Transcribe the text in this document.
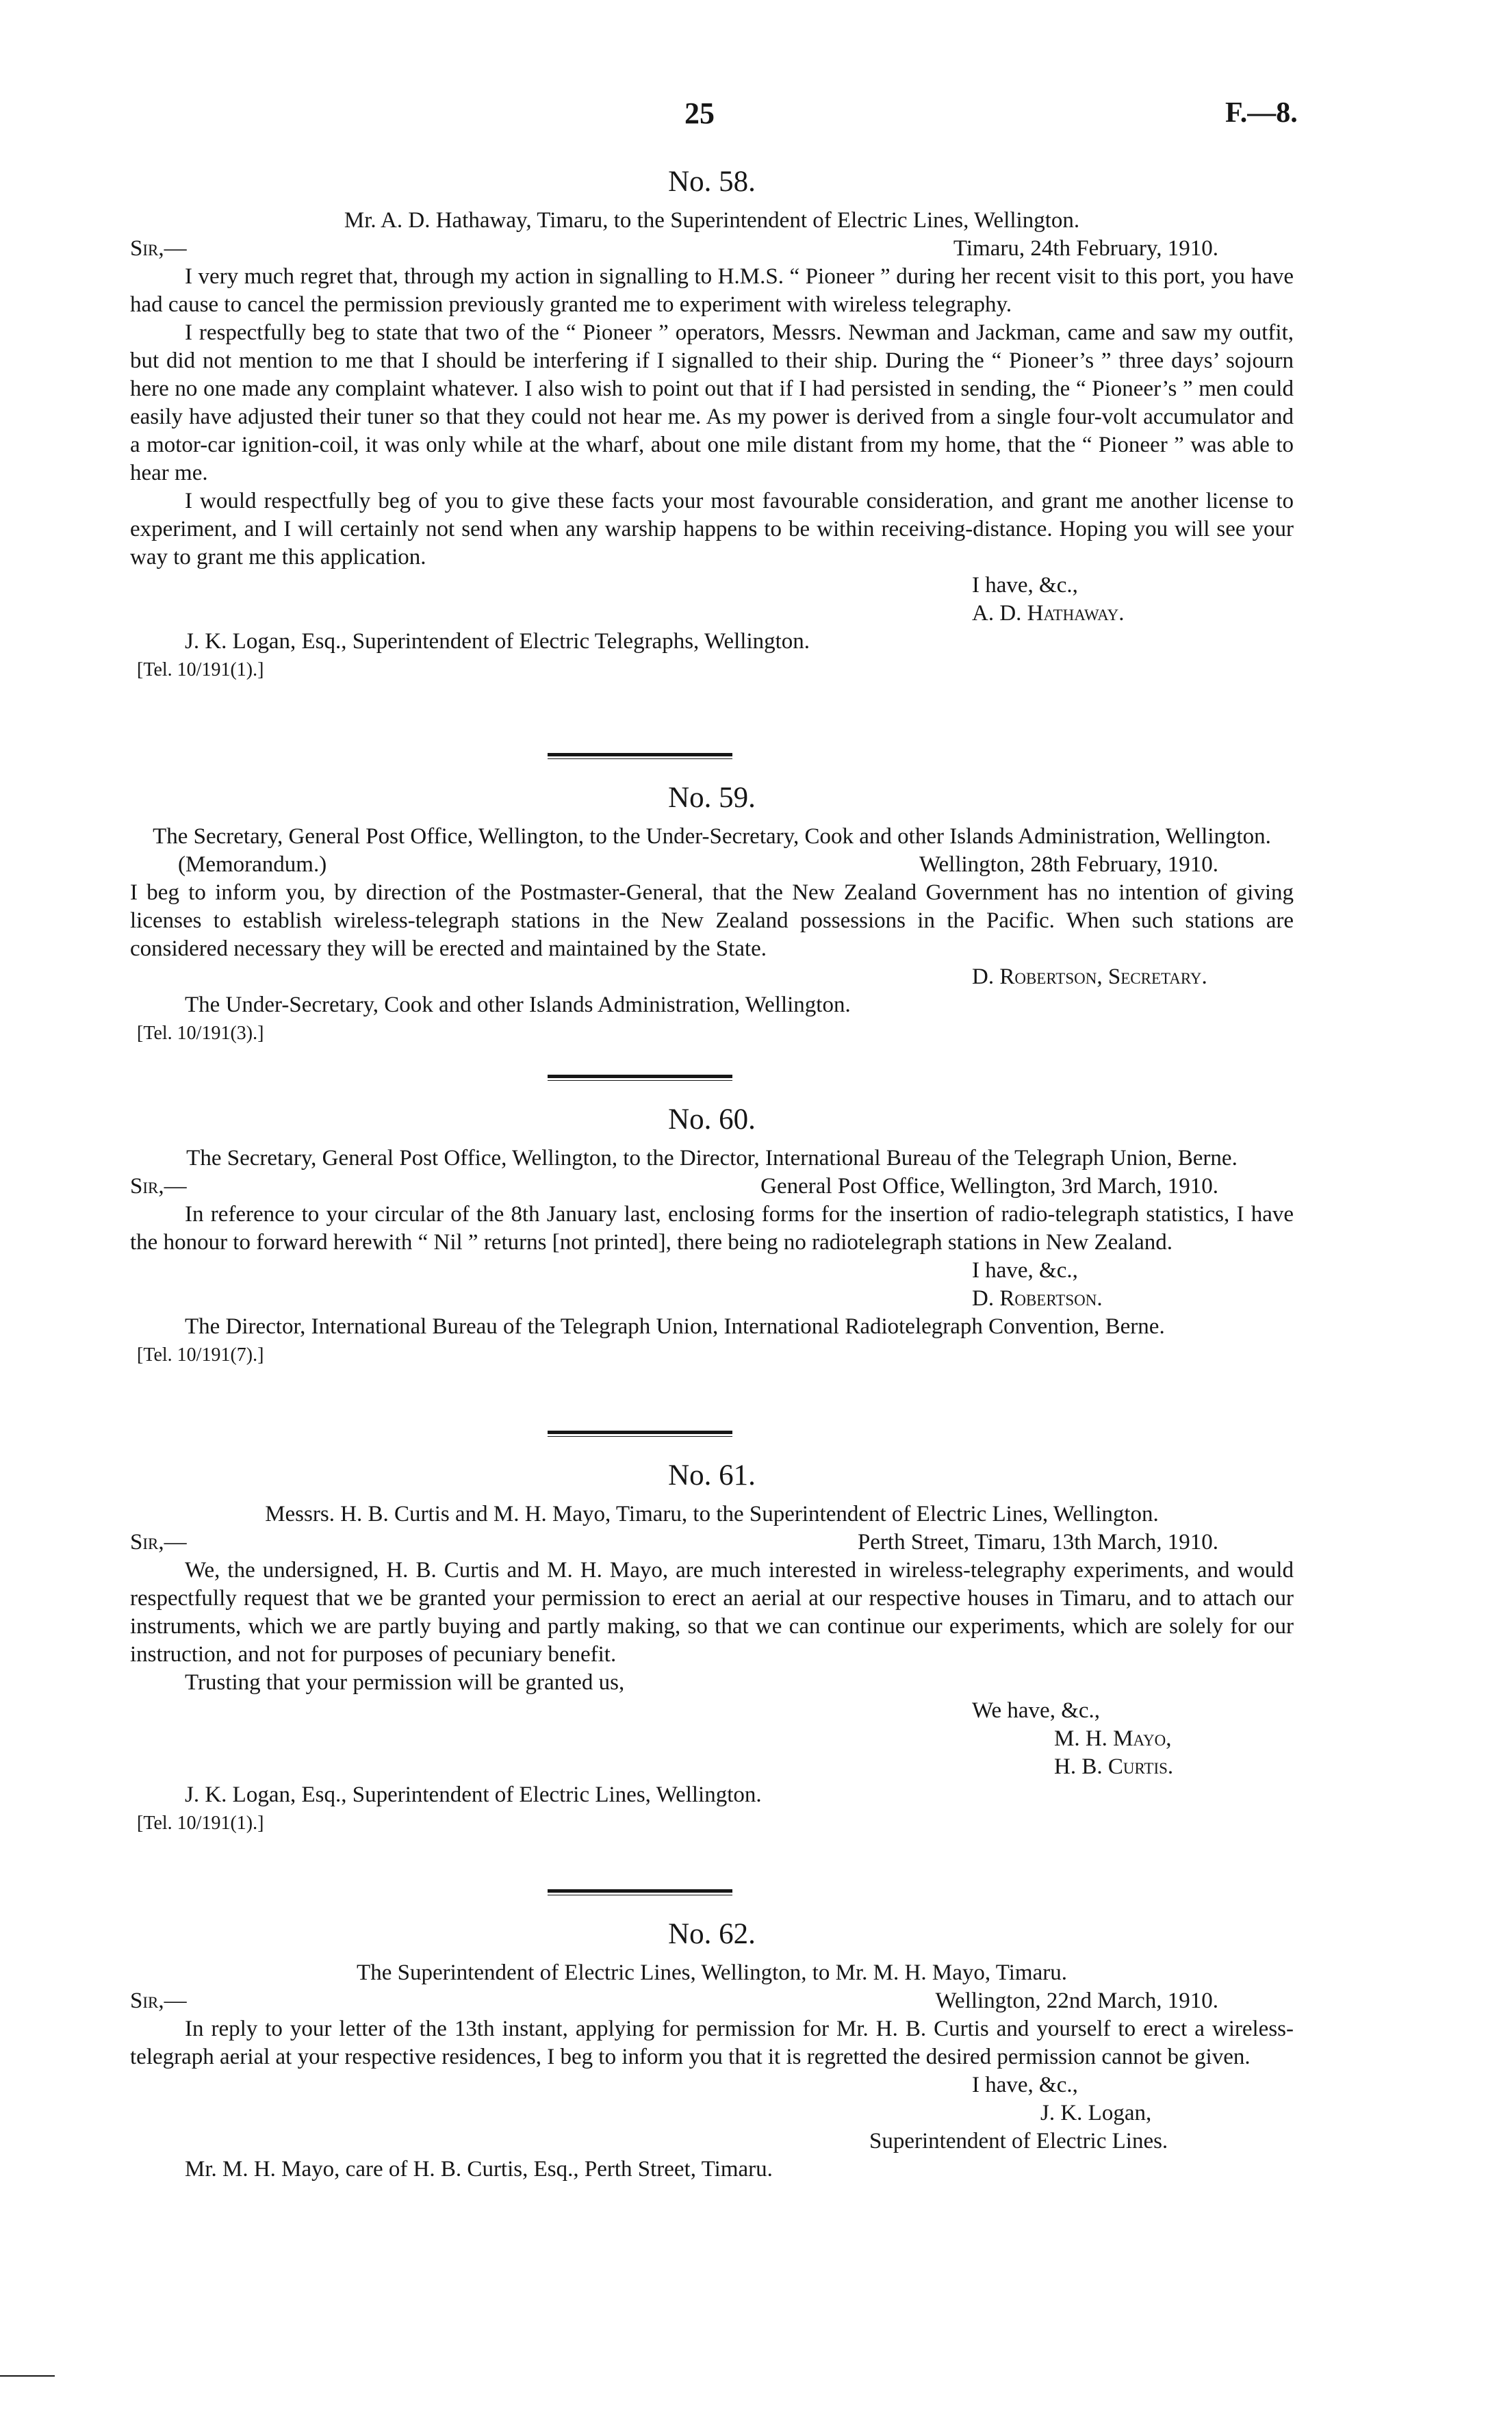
25	F.—8.
No. 58.
Mr. A. D. Hathaway, Timaru, to the Superintendent of Electric Lines, Wellington.
Sir,—	Timaru, 24th February, 1910.

I very much regret that, through my action in signalling to H.M.S. “ Pioneer ” during her recent visit to this port, you have had cause to cancel the permission previously granted me to experiment with wireless telegraphy.

I respectfully beg to state that two of the “ Pioneer ” operators, Messrs. Newman and Jackman, came and saw my outfit, but did not mention to me that I should be interfering if I signalled to their ship. During the “ Pioneer’s ” three days’ sojourn here no one made any complaint whatever. I also wish to point out that if I had persisted in sending, the “ Pioneer’s ” men could easily have adjusted their tuner so that they could not hear me. As my power is derived from a single four-volt accumulator and a motor-car ignition-coil, it was only while at the wharf, about one mile distant from my home, that the “ Pioneer ” was able to hear me.

I would respectfully beg of you to give these facts your most favourable consideration, and grant me another license to experiment, and I will certainly not send when any warship happens to be within receiving-distance. Hoping you will see your way to grant me this application.

I have, &c.,
A. D. Hathaway.
J. K. Logan, Esq., Superintendent of Electric Telegraphs, Wellington.
[Tel. 10/191(1).]
No. 59.
The Secretary, General Post Office, Wellington, to the Under-Secretary, Cook and other Islands Administration, Wellington.
(Memorandum.)	Wellington, 28th February, 1910.

I beg to inform you, by direction of the Postmaster-General, that the New Zealand Government has no intention of giving licenses to establish wireless-telegraph stations in the New Zealand possessions in the Pacific. When such stations are considered necessary they will be erected and maintained by the State.

D. Robertson, Secretary.
The Under-Secretary, Cook and other Islands Administration, Wellington.
[Tel. 10/191(3).]
No. 60.
The Secretary, General Post Office, Wellington, to the Director, International Bureau of the Telegraph Union, Berne.
Sir,—	General Post Office, Wellington, 3rd March, 1910.

In reference to your circular of the 8th January last, enclosing forms for the insertion of radio-telegraph statistics, I have the honour to forward herewith “ Nil ” returns [not printed], there being no radiotelegraph stations in New Zealand.

I have, &c.,
D. Robertson.
The Director, International Bureau of the Telegraph Union, International Radiotelegraph Convention, Berne.
[Tel. 10/191(7).]
No. 61.
Messrs. H. B. Curtis and M. H. Mayo, Timaru, to the Superintendent of Electric Lines, Wellington.
Sir,—	Perth Street, Timaru, 13th March, 1910.

We, the undersigned, H. B. Curtis and M. H. Mayo, are much interested in wireless-telegraphy experiments, and would respectfully request that we be granted your permission to erect an aerial at our respective houses in Timaru, and to attach our instruments, which we are partly buying and partly making, so that we can continue our experiments, which are solely for our instruction, and not for purposes of pecuniary benefit.

Trusting that your permission will be granted us,

We have, &c.,
M. H. Mayo,
H. B. Curtis.
J. K. Logan, Esq., Superintendent of Electric Lines, Wellington.
[Tel. 10/191(1).]
No. 62.
The Superintendent of Electric Lines, Wellington, to Mr. M. H. Mayo, Timaru.
Sir,—	Wellington, 22nd March, 1910.

In reply to your letter of the 13th instant, applying for permission for Mr. H. B. Curtis and yourself to erect a wireless-telegraph aerial at your respective residences, I beg to inform you that it is regretted the desired permission cannot be given.

I have, &c.,
J. K. Logan,
Superintendent of Electric Lines.
Mr. M. H. Mayo, care of H. B. Curtis, Esq., Perth Street, Timaru.
